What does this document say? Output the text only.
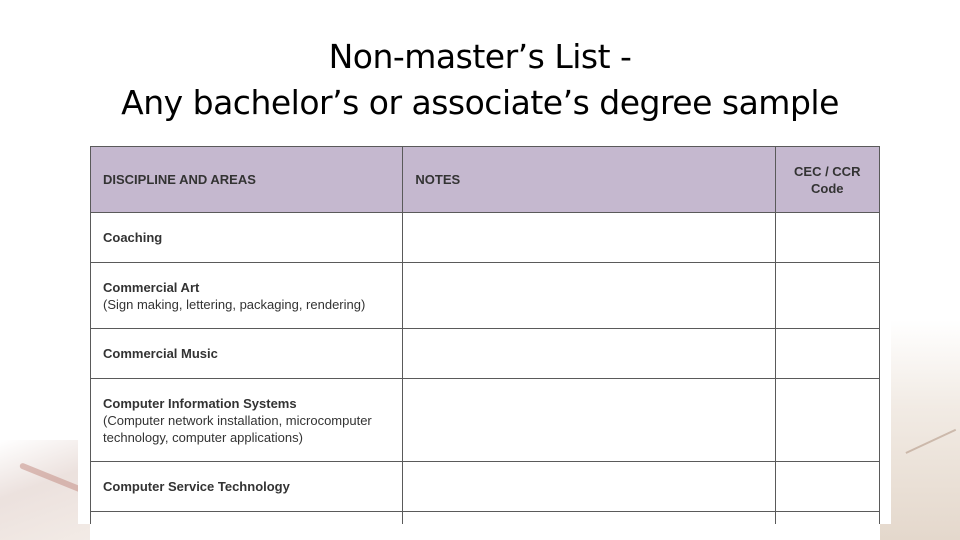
Non-master’s List -
Any bachelor’s or associate’s degree sample
DISCIPLINE AND AREAS	NOTES	CEC / CCR Code

Coaching		

Commercial Art
(Sign making, lettering, packaging, rendering)		

Commercial Music		

Computer Information Systems
(Computer network installation, microcomputer technology, computer applications)		

Computer Service Technology		
